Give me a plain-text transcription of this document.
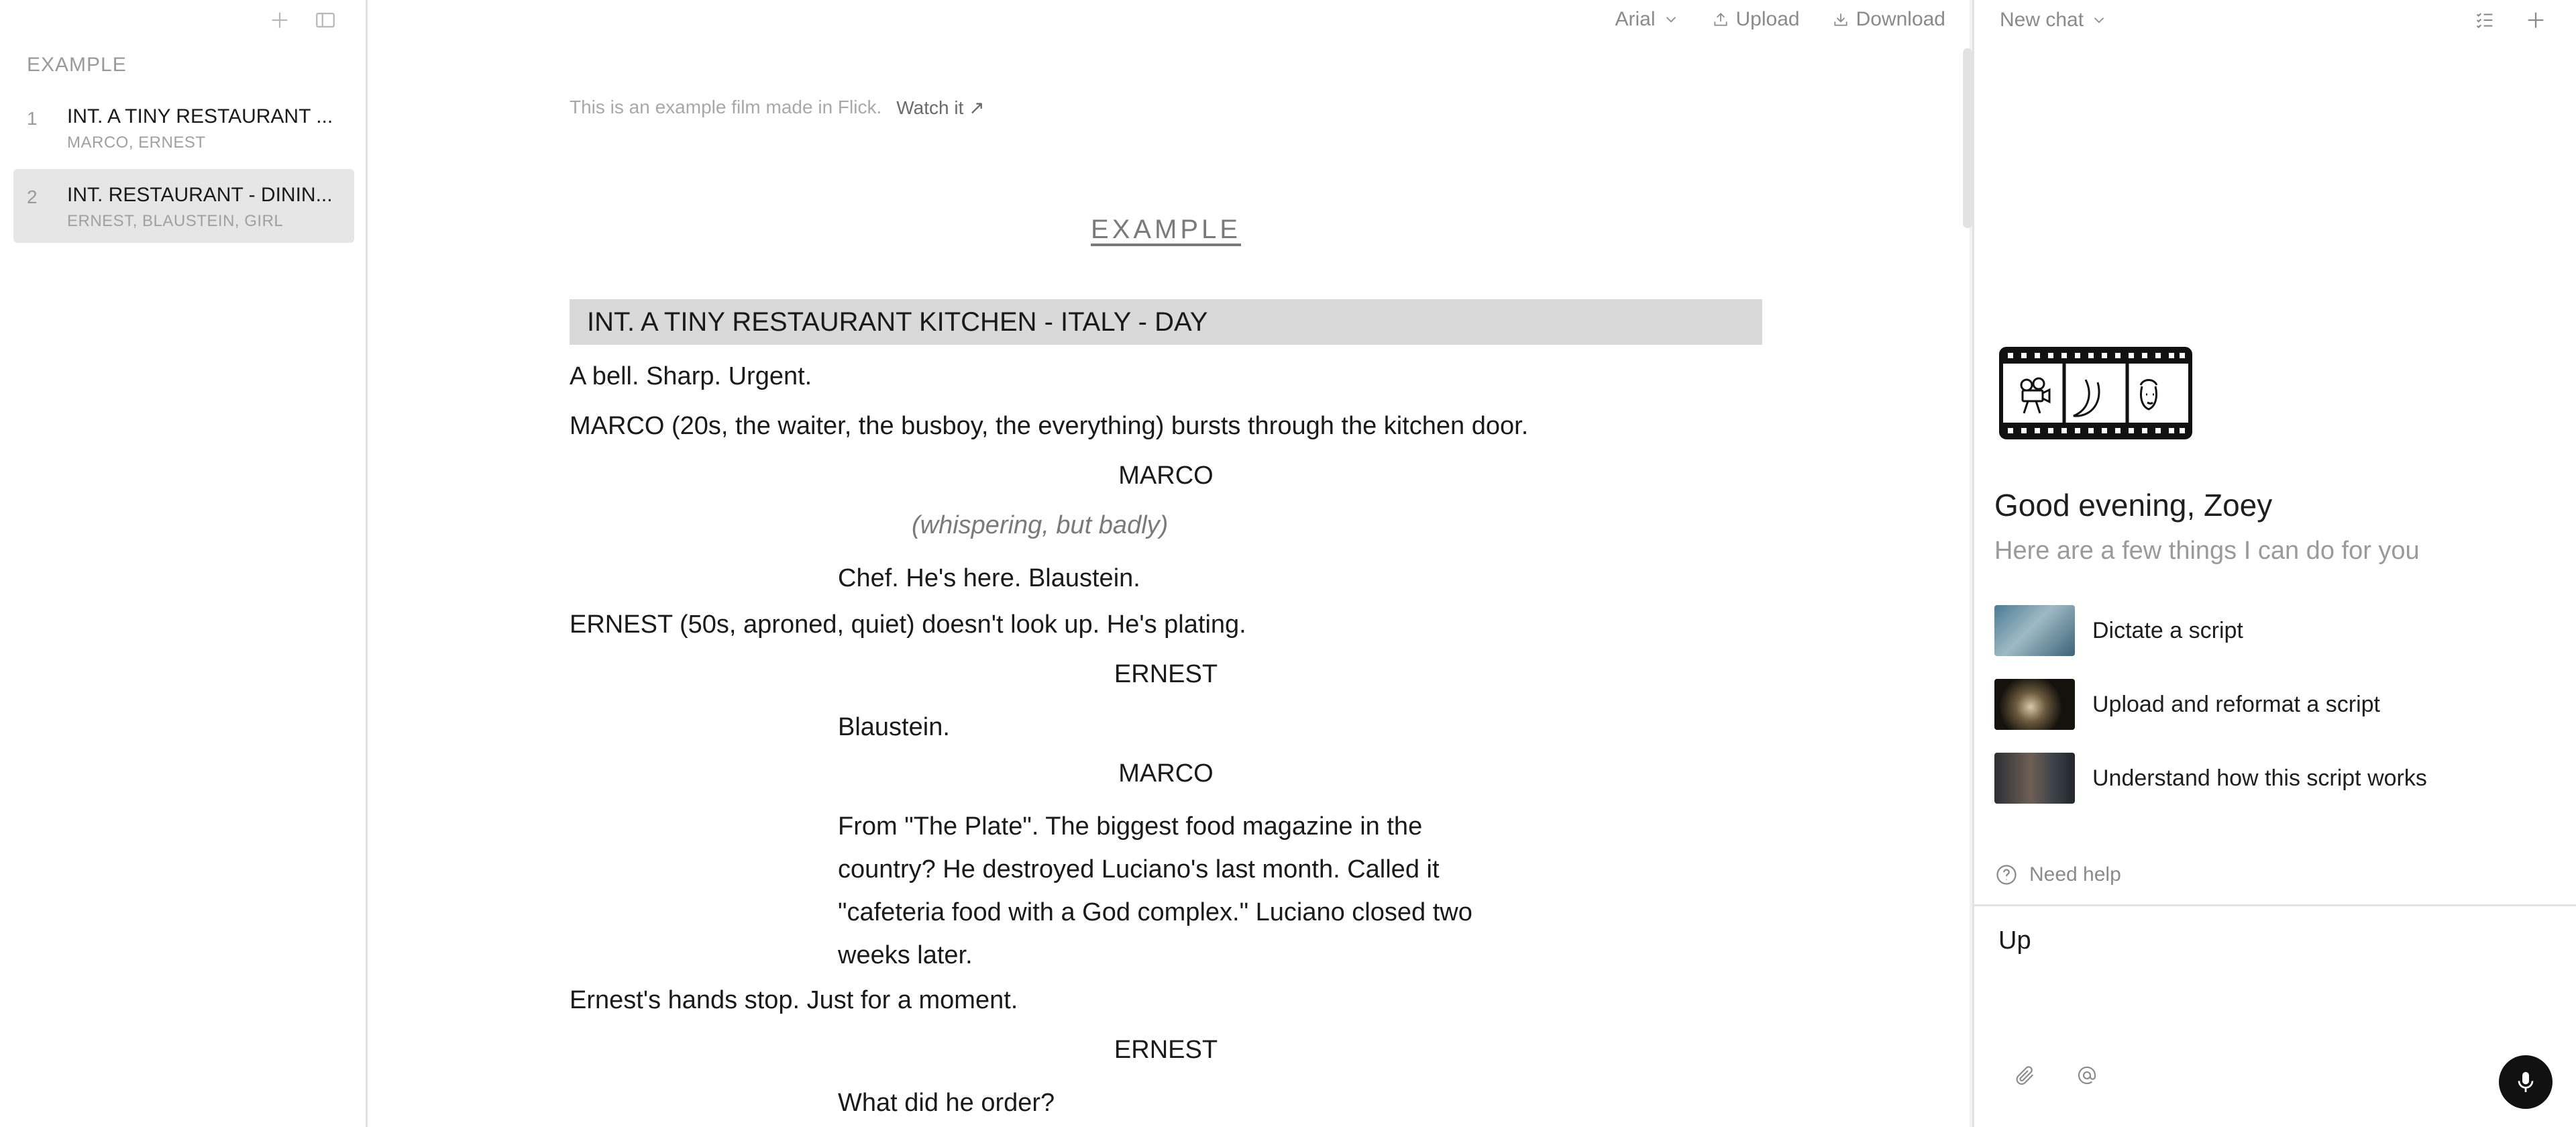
EXAMPLE
1 INT. A TINY RESTAURANT ...
MARCO, ERNEST
2 INT. RESTAURANT - DININ...
ERNEST, BLAUSTEIN, GIRL
Arial	Upload	Download
This is an example film made in Flick. Watch it ↗
EXAMPLE
INT. A TINY RESTAURANT KITCHEN - ITALY - DAY
A bell. Sharp. Urgent.
MARCO (20s, the waiter, the busboy, the everything) bursts through the kitchen door.
MARCO
(whispering, but badly)
Chef. He's here. Blaustein.
ERNEST (50s, aproned, quiet) doesn't look up. He's plating.
ERNEST
Blaustein.
MARCO
From "The Plate". The biggest food magazine in the country? He destroyed Luciano's last month. Called it "cafeteria food with a God complex." Luciano closed two weeks later.
Ernest's hands stop. Just for a moment.
ERNEST
What did he order?
New chat
Good evening, Zoey
Here are a few things I can do for you
Dictate a script
Upload and reformat a script
Understand how this script works
Need help
Up
